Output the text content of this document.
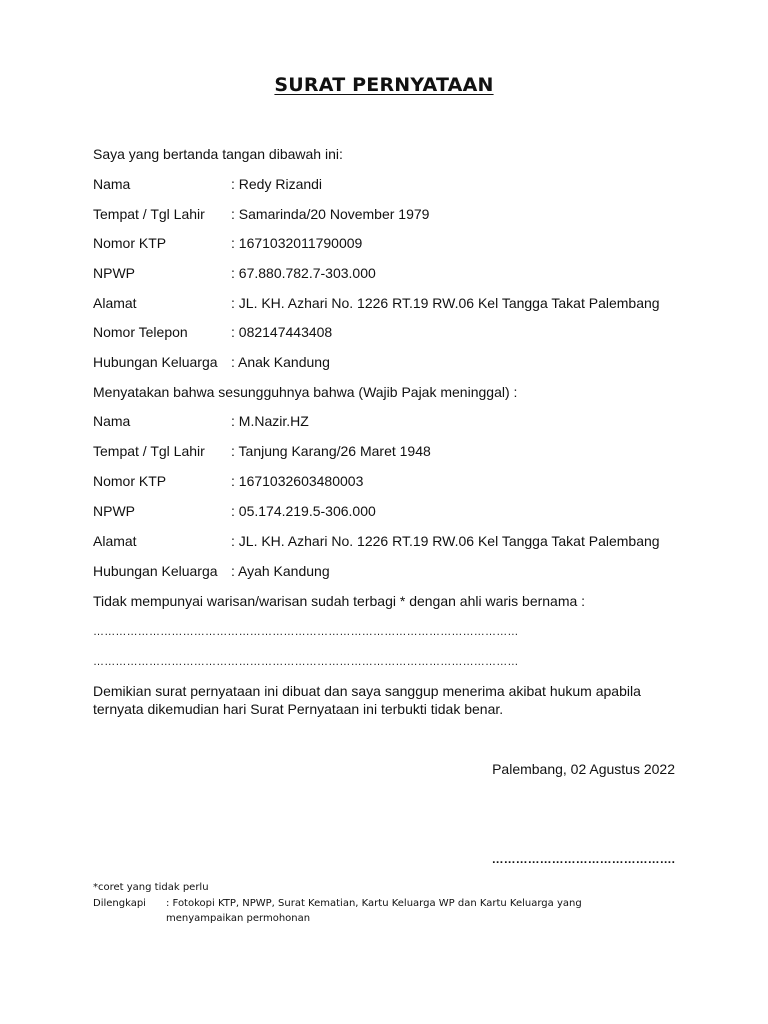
SURAT PERNYATAAN
Saya yang bertanda tangan dibawah ini:
Nama	: Redy Rizandi
Tempat / Tgl Lahir : Samarinda/20 November 1979
Nomor KTP	: 1671032011790009
NPWP	: 67.880.782.7-303.000
Alamat	: JL. KH. Azhari No. 1226 RT.19 RW.06 Kel Tangga Takat Palembang
Nomor Telepon	: 082147443408
Hubungan Keluarga : Anak Kandung
Menyatakan bahwa sesungguhnya bahwa (Wajib Pajak meninggal) :
Nama	: M.Nazir.HZ
Tempat / Tgl Lahir : Tanjung Karang/26 Maret 1948
Nomor KTP	: 1671032603480003
NPWP	: 05.174.219.5-306.000
Alamat	: JL. KH. Azhari No. 1226 RT.19 RW.06 Kel Tangga Takat Palembang
Hubungan Keluarga : Ayah Kandung
Tidak mempunyai warisan/warisan sudah terbagi * dengan ahli waris bernama :
……………………………………………………………………………………………………
……………………………………………………………………………………………………
Demikian surat pernyataan ini dibuat dan saya sanggup menerima akibat hukum apabila ternyata dikemudian hari Surat Pernyataan ini terbukti tidak benar.
Palembang, 02 Agustus 2022
……………………………………….
*coret yang tidak perlu
Dilengkapi : Fotokopi KTP, NPWP, Surat Kematian, Kartu Keluarga WP dan Kartu Keluarga yang menyampaikan permohonan
